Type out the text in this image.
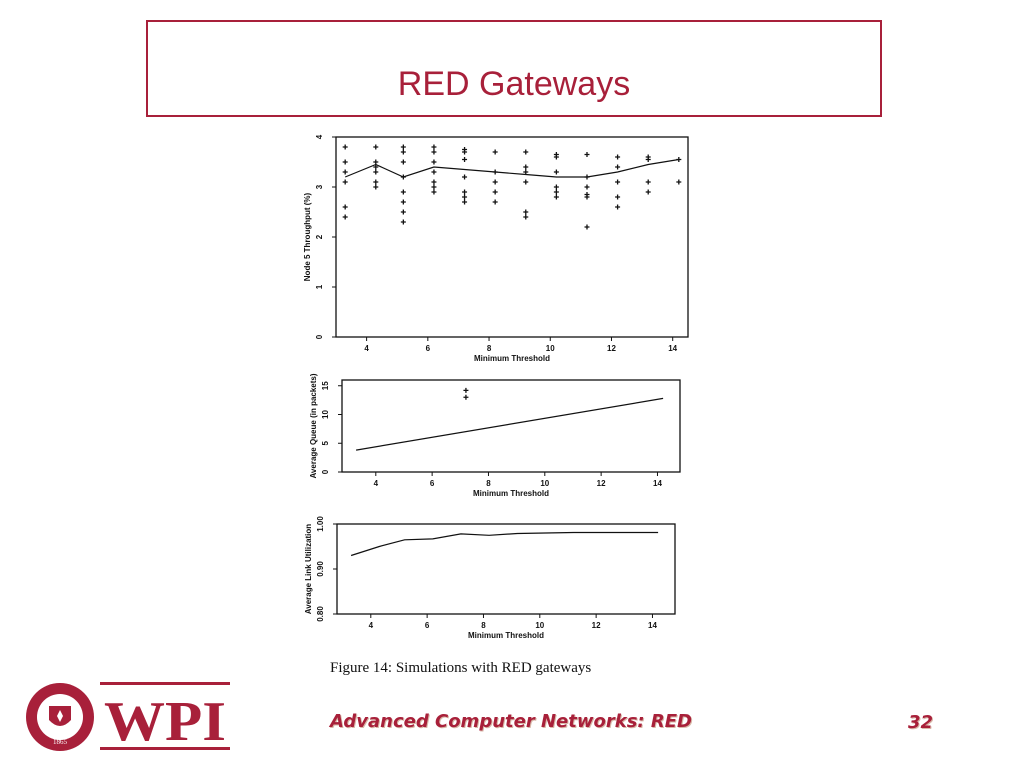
RED Gateways
4	6	8	10	12	14
0
1
2
3
4
Minimum Threshold
Node 5 Throughput (%)
4	6	8	10	12	14
0
5
10
15
Minimum Threshold
Average Queue (in packets)
4	6	8	10	12	14
0.80
0.90
1.00
Minimum Threshold
Average Link Utilization
Figure 14: Simulations with RED gateways
1865 WPI	Advanced Computer Networks: RED	32
